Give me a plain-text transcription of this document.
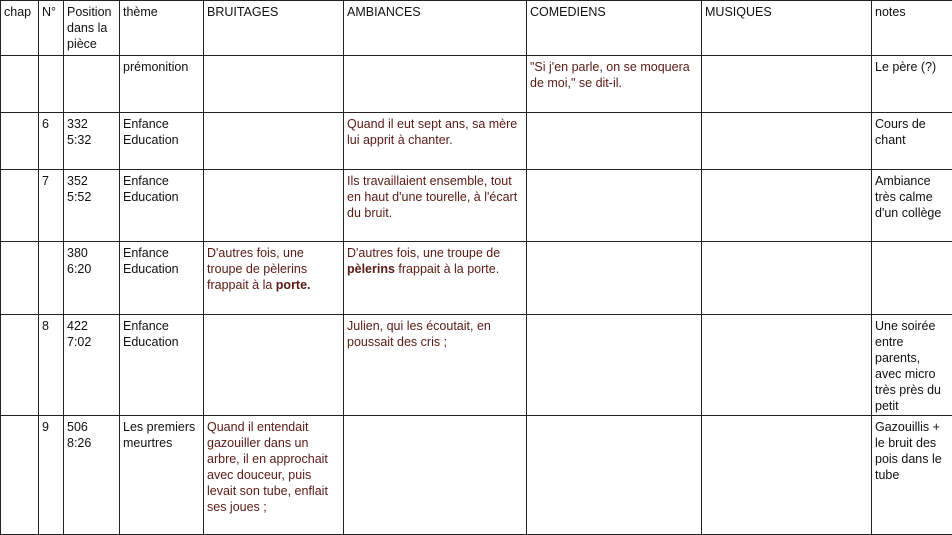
chap	N°	Position dans la pièce	thème	BRUITAGES	AMBIANCES	COMEDIENS	MUSIQUES	notes

	prémonition			"Si j'en parle, on se moquera de moi," se dit-il.		Le père (?)
	6	332
5:32	Enfance Education		Quand il eut sept ans, sa mère lui apprit à chanter.			Cours de chant
	7	352
5:52	Enfance Education		Ils travaillaient ensemble, tout en haut d'une tourelle, à l'écart du bruit.			Ambiance très calme d'un collège
		380
6:20	Enfance Education	D'autres fois, une troupe de pèlerins frappait à la porte.	D'autres fois, une troupe de pèlerins frappait à la porte.			
	8	422
7:02	Enfance Education		Julien, qui les écoutait, en poussait des cris ;			Une soirée entre parents, avec micro très près du petit
	9	506
8:26	Les premiers meurtres	Quand il entendait gazouiller dans un arbre, il en approchait avec douceur, puis levait son tube, enflait ses joues ;				Gazouillis + le bruit des pois dans le tube
